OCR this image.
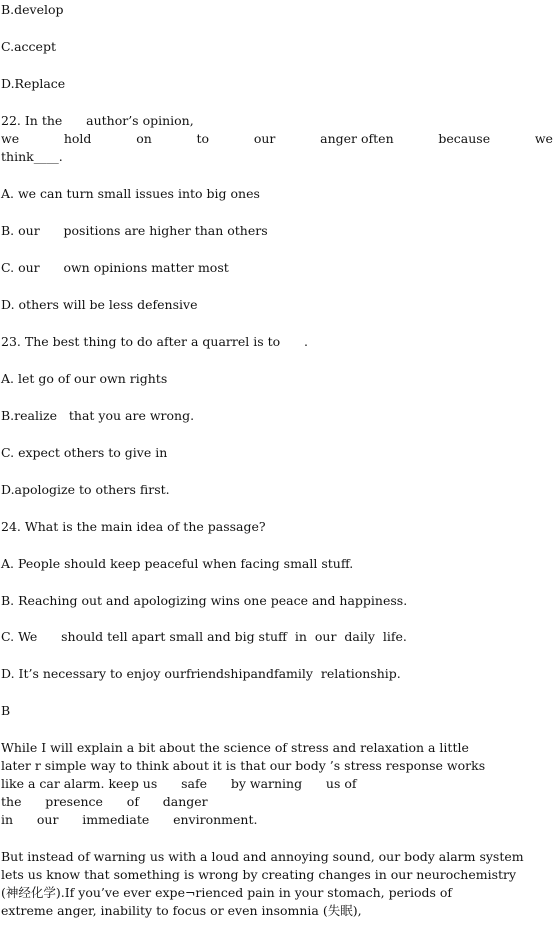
B.develop
C.accept
D.Replace
22. In the      author’s opinion,
we	hold	on	to	our	anger often	because	we
think____.
A. we can turn small issues into big ones
B. our      positions are higher than others
C. our      own opinions matter most
D. others will be less defensive
23. The best thing to do after a quarrel is to      .
A. let go of our own rights
B.realize   that you are wrong.
C. expect others to give in
D.apologize to others first.
24. What is the main idea of the passage?
A. People should keep peaceful when facing small stuff.
B. Reaching out and apologizing wins one peace and happiness.
C. We      should tell apart small and big stuff  in  our  daily  life.
D. It’s necessary to enjoy ourfriendshipandfamily  relationship.
B
While I will explain a bit about the science of stress and relaxation a little
later r simple way to think about it is that our body ’s stress response works
like a car alarm. keep us      safe      by warning      us of
the      presence      of      danger
in      our      immediate      environment.
But instead of warning us with a loud and annoying sound, our body alarm system
lets us know that something is wrong by creating changes in our neurochemistry
(神经化学).If you’ve ever expe¬rienced pain in your stomach, periods of
extreme anger, inability to focus or even insomnia (失眠),
